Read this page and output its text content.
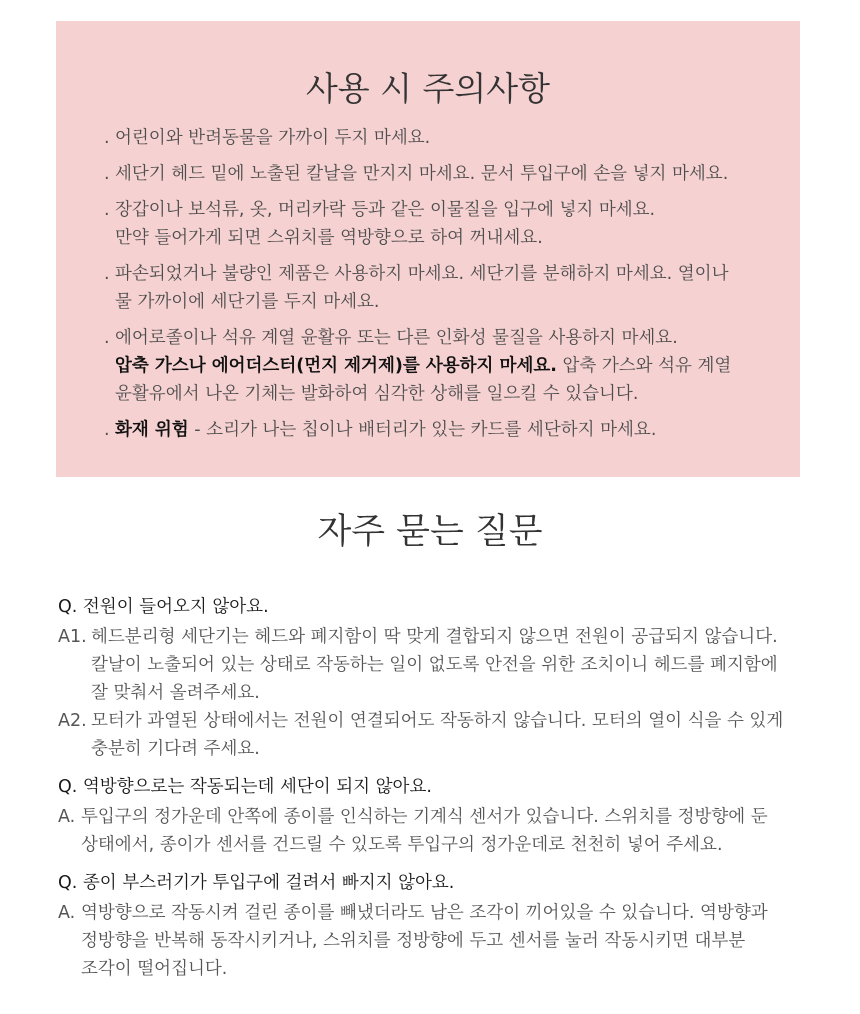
사용 시 주의사항
. 어린이와 반려동물을 가까이 두지 마세요.
. 세단기 헤드 밑에 노출된 칼날을 만지지 마세요. 문서 투입구에 손을 넣지 마세요.
. 장갑이나 보석류, 옷, 머리카락 등과 같은 이물질을 입구에 넣지 마세요.
만약 들어가게 되면 스위치를 역방향으로 하여 꺼내세요.
. 파손되었거나 불량인 제품은 사용하지 마세요. 세단기를 분해하지 마세요. 열이나
물 가까이에 세단기를 두지 마세요.
. 에어로졸이나 석유 계열 윤활유 또는 다른 인화성 물질을 사용하지 마세요.
압축 가스나 에어더스터(먼지 제거제)를 사용하지 마세요. 압축 가스와 석유 계열
윤활유에서 나온 기체는 발화하여 심각한 상해를 일으킬 수 있습니다.
. 화재 위험 - 소리가 나는 칩이나 배터리가 있는 카드를 세단하지 마세요.
자주 묻는 질문

Q. 전원이 들어오지 않아요.

A1. 헤드분리형 세단기는 헤드와 폐지함이 딱 맞게 결합되지 않으면 전원이 공급되지 않습니다.
칼날이 노출되어 있는 상태로 작동하는 일이 없도록 안전을 위한 조치이니 헤드를 폐지함에
잘 맞춰서 올려주세요.

A2. 모터가 과열된 상태에서는 전원이 연결되어도 작동하지 않습니다. 모터의 열이 식을 수 있게
충분히 기다려 주세요.

Q. 역방향으로는 작동되는데 세단이 되지 않아요.

A. 투입구의 정가운데 안쪽에 종이를 인식하는 기계식 센서가 있습니다. 스위치를 정방향에 둔
상태에서, 종이가 센서를 건드릴 수 있도록 투입구의 정가운데로 천천히 넣어 주세요.

Q. 종이 부스러기가 투입구에 걸려서 빠지지 않아요.

A. 역방향으로 작동시켜 걸린 종이를 빼냈더라도 남은 조각이 끼어있을 수 있습니다. 역방향과
정방향을 반복해 동작시키거나, 스위치를 정방향에 두고 센서를 눌러 작동시키면 대부분
조각이 떨어집니다.
